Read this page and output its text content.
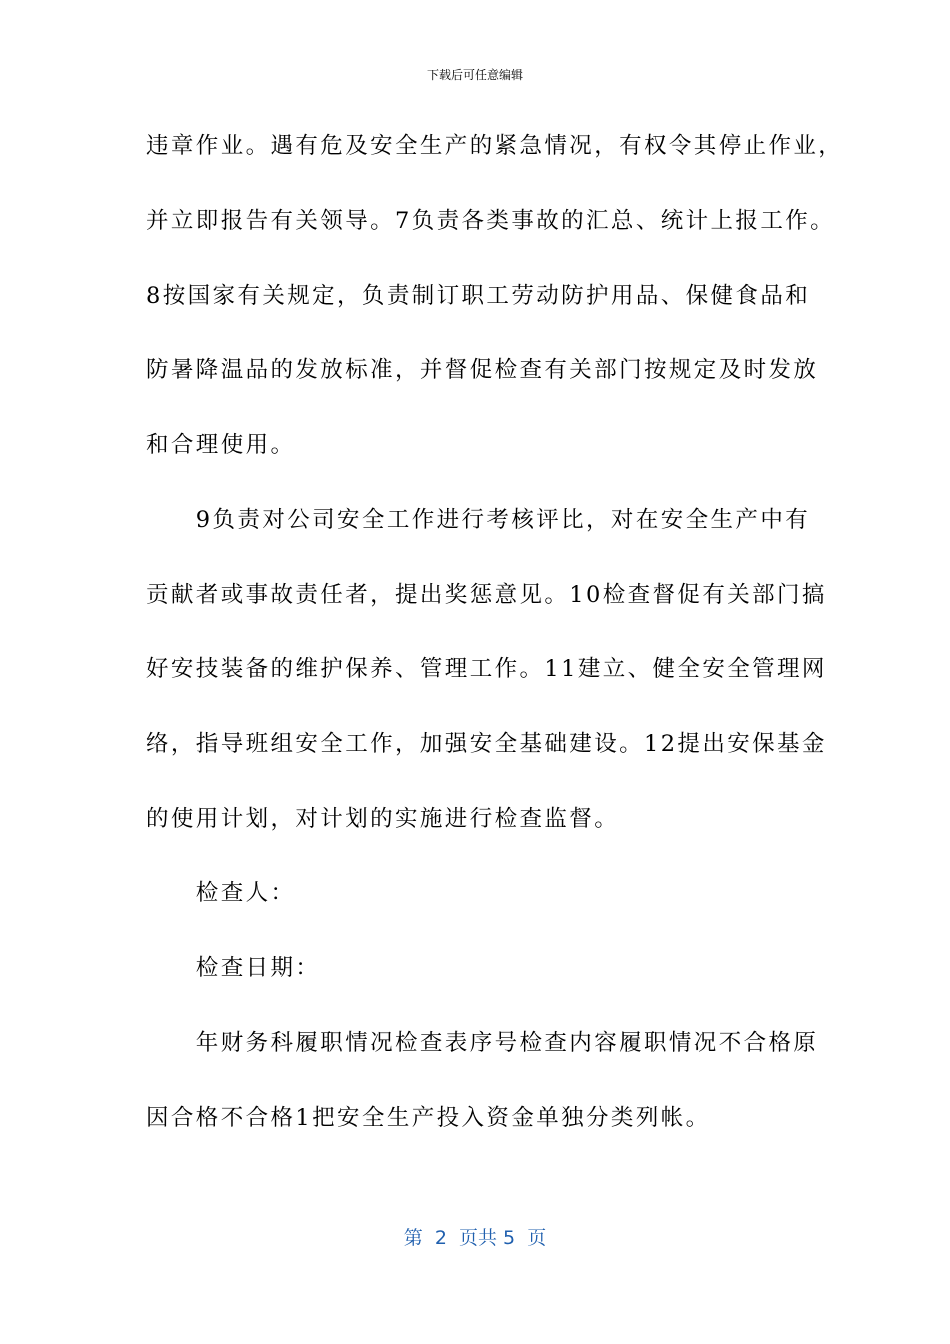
下载后可任意编辑
违章作业。遇有危及安全生产的紧急情况，有权令其停止作业，
并立即报告有关领导。7负责各类事故的汇总、统计上报工作。
8按国家有关规定，负责制订职工劳动防护用品、保健食品和
防暑降温品的发放标准，并督促检查有关部门按规定及时发放
和合理使用。
　　9负责对公司安全工作进行考核评比，对在安全生产中有
贡献者或事故责任者，提出奖惩意见。10检查督促有关部门搞
好安技装备的维护保养、管理工作。11建立、健全安全管理网
络，指导班组安全工作，加强安全基础建设。12提出安保基金
的使用计划，对计划的实施进行检查监督。
　　检查人：
　　检查日期：
　　年财务科履职情况检查表序号检查内容履职情况不合格原
因合格不合格1把安全生产投入资金单独分类列帐。
第  2  页共 5  页
